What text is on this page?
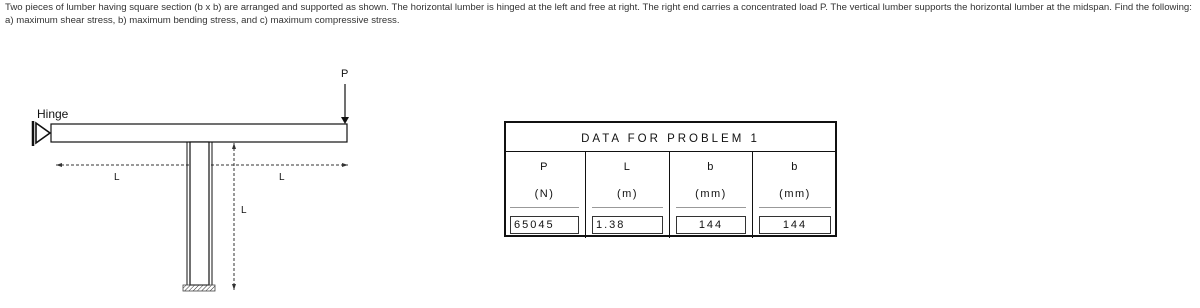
Two pieces of lumber having square section (b x b) are arranged and supported as shown. The horizontal lumber is hinged at the left and free at right. The right end carries a concentrated load P. The vertical lumber supports the horizontal lumber at the midspan. Find the following: a) maximum shear stress, b) maximum bending stress, and c) maximum compressive stress.
Hinge
P
L	L
L
DATA FOR PROBLEM 1
P
(N)
65045
L
(m)
1.38
b
(mm)
144
b
(mm)
144
